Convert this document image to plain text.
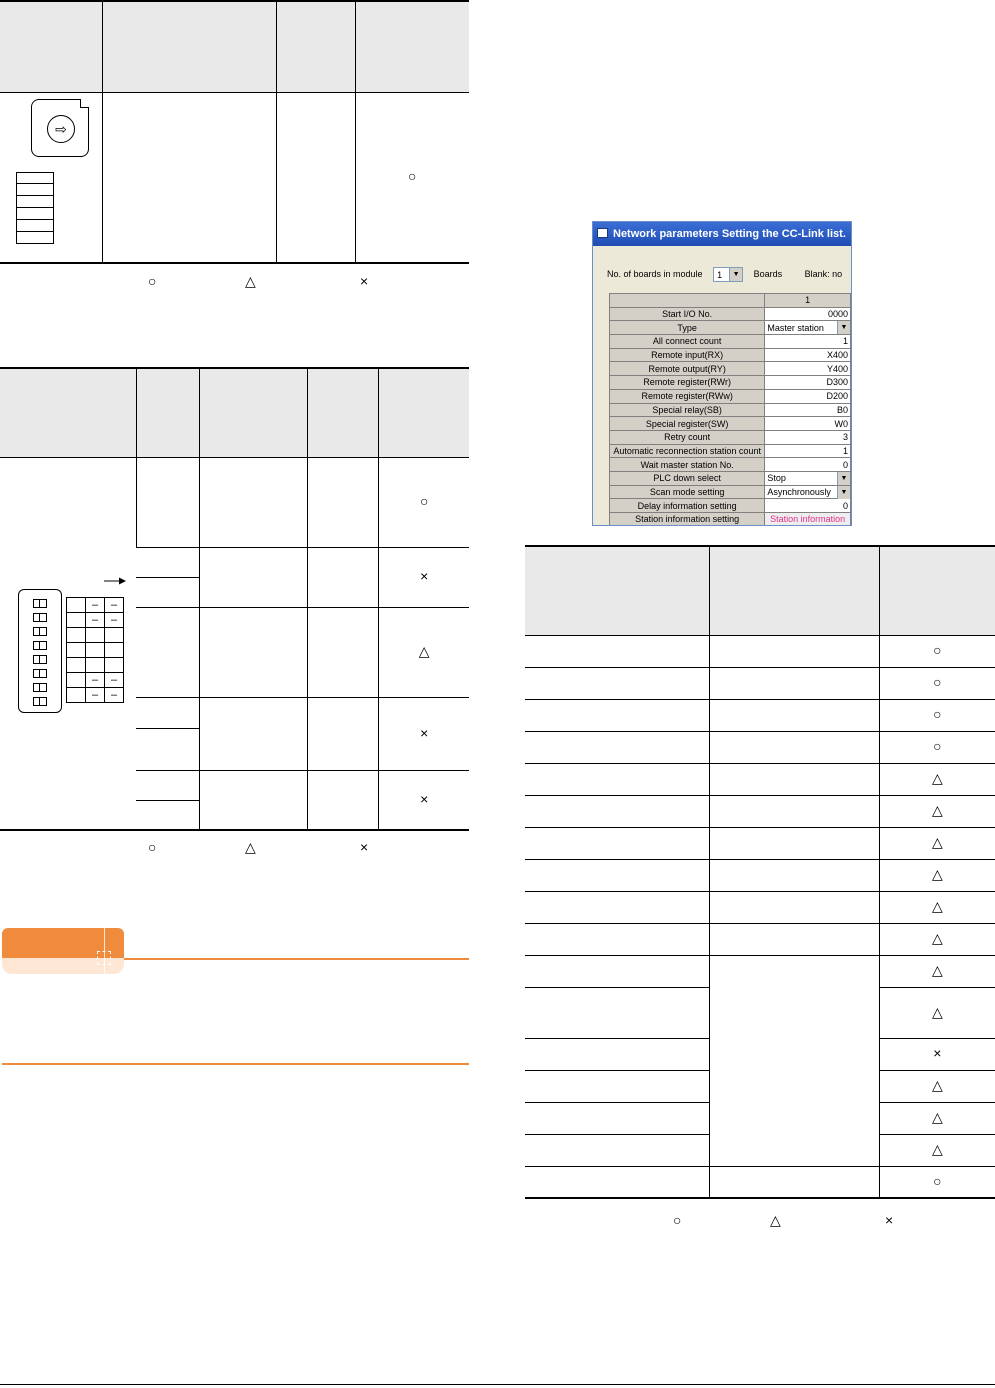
			○
⇨
○	△	×

				○
				×

				△
				×

				×

	–	–
	–	–

	–	–
	–	–
○	△	×
Network parameters Setting the CC-Link list.
No. of boards in module 1	▼ Boards	Blank: no
	1
Start I/O No.	0000
Type	Master station ▼

All connect count	1
Remote input(RX)	X400
Remote output(RY)	Y400
Remote register(RWr)	D300
Remote register(RWw)	D200
Special relay(SB)	B0
Special register(SW)	W0
Retry count	3
Automatic reconnection station count	1
Wait master station No.	0
PLC down select	Stop ▼

Scan mode setting	Asynchronously ▼

Delay information setting	0
Station information setting	Station information

		○
		○
		○
		○
		△
		△
		△
		△
		△
		△
		△
		△
		×
		△
		△
		△
		○
○	△	×
